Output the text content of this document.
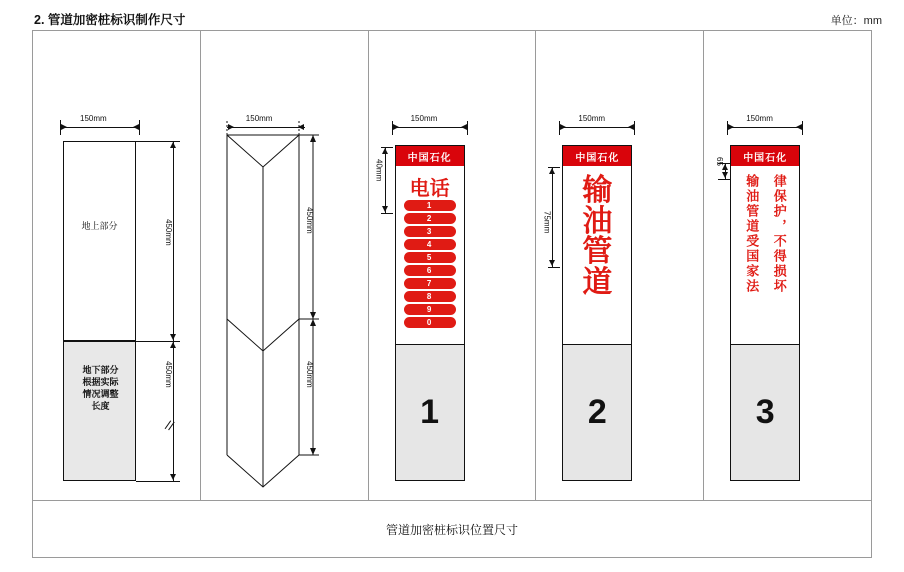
2. 管道加密桩标识制作尺寸	单位：mm
150mm
地上部分
地下部分根据实际情况调整长度
450mm
450mm
//
150mm
450mm
450mm
150mm
40mm
中国石化
电话
1
2
3
4
5
6
7
8
9
0
1
150mm
75mm
中国石化
输
油
管
道
2
150mm
65	中国石化
律保护，不得损坏
输油管道受国家法
3
管道加密桩标识位置尺寸
